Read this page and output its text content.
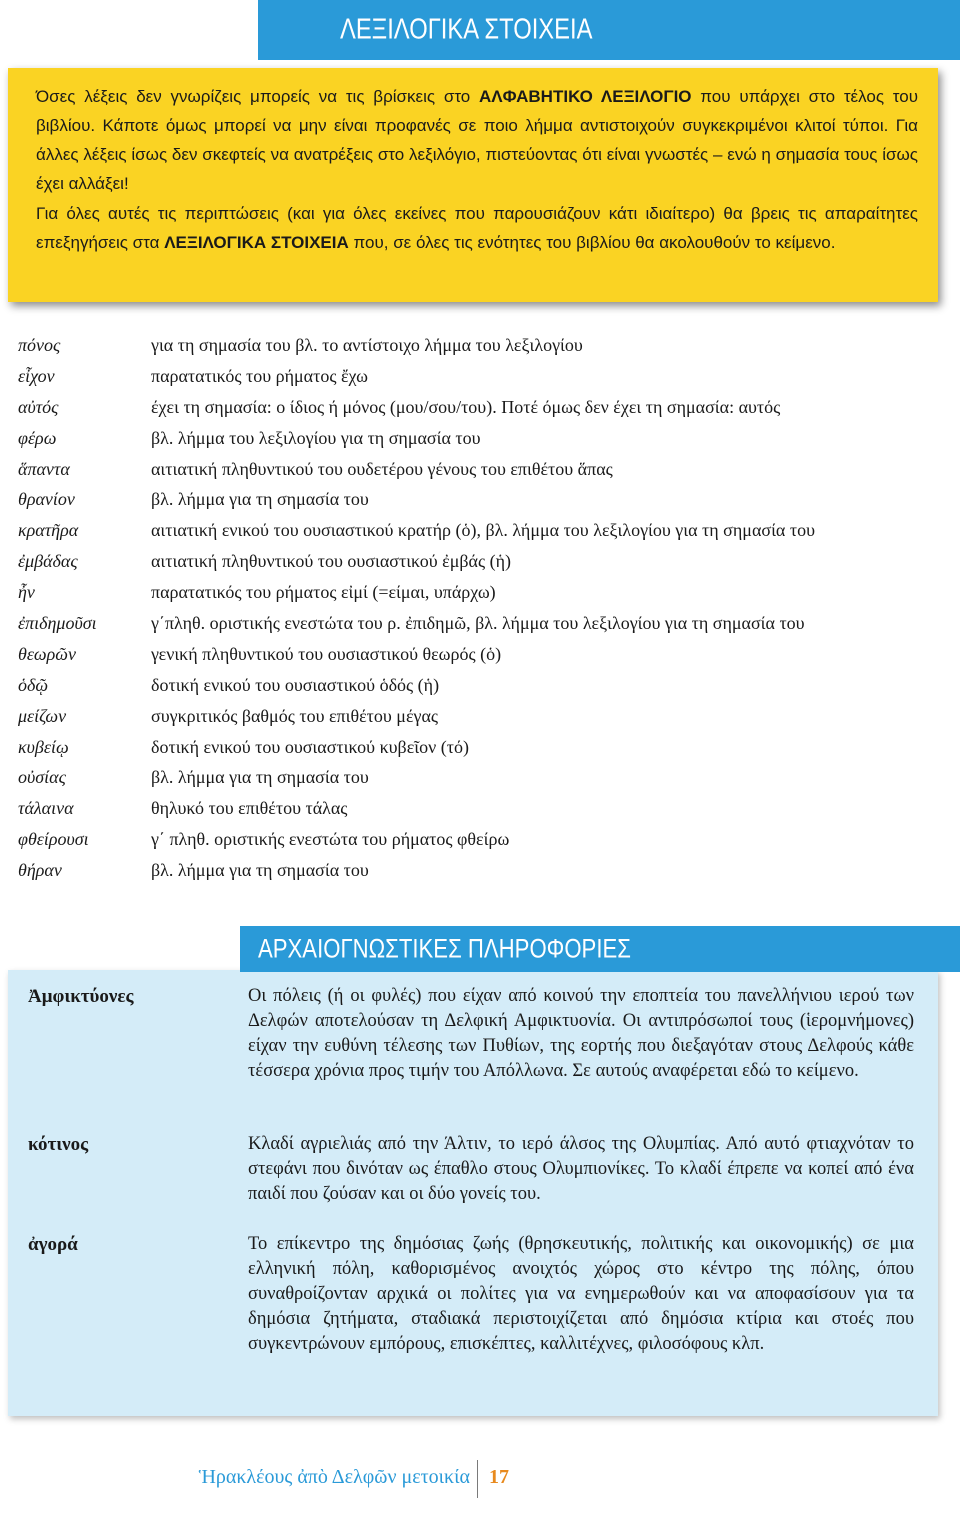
ΛΕΞΙΛΟΓΙΚΑ ΣΤΟΙΧΕΙΑ

Όσες λέξεις δεν γνωρίζεις μπορείς να τις βρίσκεις στο ΑΛΦΑΒΗΤΙΚΟ ΛΕΞΙΛΟΓΙΟ που υπάρχει στο τέλος του βιβλίου. Κάποτε όμως μπορεί να μην είναι προφανές σε ποιο λήμμα αντιστοιχούν συγκεκριμένοι κλιτοί τύποι. Για άλλες λέξεις ίσως δεν σκεφτείς να ανατρέξεις στο λεξιλόγιο, πιστεύοντας ότι είναι γνωστές – ενώ η σημασία τους ίσως έχει αλλάξει!

Για όλες αυτές τις περιπτώσεις (και για όλες εκείνες που παρουσιάζουν κάτι ιδιαίτερο) θα βρεις τις απαραίτητες επεξηγήσεις στα ΛΕΞΙΛΟΓΙΚΑ ΣΤΟΙΧΕΙΑ που, σε όλες τις ενότητες του βιβλίου θα ακολουθούν το κείμενο.

πόνος	για τη σημασία του βλ. το αντίστοιχο λήμμα του λεξιλογίου
εἶχον	παρατατικός του ρήματος ἔχω
αὐτός	έχει τη σημασία: ο ίδιος ή μόνος (μου/σου/του). Ποτέ όμως δεν έχει τη σημασία: αυτός
φέρω	βλ. λήμμα του λεξιλογίου για τη σημασία του
ἅπαντα	αιτιατική πληθυντικού του ουδετέρου γένους του επιθέτου ἅπας
θρανίον	βλ. λήμμα για τη σημασία του
κρατῆρα	αιτιατική ενικού του ουσιαστικού κρατήρ (ὁ), βλ. λήμμα του λεξιλογίου για τη σημασία του
ἐμβάδας	αιτιατική πληθυντικού του ουσιαστικού ἐμβάς (ἡ)
ἦν	παρατατικός του ρήματος εἰμί (=είμαι, υπάρχω)
ἐπιδημοῦσι	γ΄πληθ. οριστικής ενεστώτα του ρ. ἐπιδημῶ, βλ. λήμμα του λεξιλογίου για τη σημασία του
θεωρῶν	γενική πληθυντικού του ουσιαστικού θεωρός (ὁ)
ὁδῷ	δοτική ενικού του ουσιαστικού ὁδός (ἡ)
μείζων	συγκριτικός βαθμός του επιθέτου μέγας
κυβείῳ	δοτική ενικού του ουσιαστικού κυβεῖον (τό)
οὐσίας	βλ. λήμμα για τη σημασία του
τάλαινα	θηλυκό του επιθέτου τάλας
φθείρουσι	γ΄ πληθ. οριστικής ενεστώτα του ρήματος φθείρω
θήραν	βλ. λήμμα για τη σημασία του
Ἀμφικτύονες	Οι πόλεις (ή οι φυλές) που είχαν από κοινού την εποπτεία του πανελλήνιου ιερού των Δελφών αποτελούσαν τη Δελφική Αμφικτυονία. Οι αντιπρόσωποί τους (ἱερομνήμονες) είχαν την ευθύνη τέλεσης των Πυθίων, της εορτής που διεξαγόταν στους Δελφούς κάθε τέσσερα χρόνια προς τιμήν του Απόλλωνα. Σε αυτούς αναφέρεται εδώ το κείμενο.

κότινος	Κλαδί αγριελιάς από την Άλτιν, το ιερό άλσος της Ολυμπίας. Από αυτό φτιαχνόταν το στεφάνι που δινόταν ως έπαθλο στους Ολυμπιονίκες. Το κλαδί έπρεπε να κοπεί από ένα παιδί που ζούσαν και οι δύο γονείς του.

ἀγορά	Το επίκεντρο της δημόσιας ζωής (θρησκευτικής, πολιτικής και οικονομικής) σε μια ελληνική πόλη, καθορισμένος ανοιχτός χώρος στο κέντρο της πόλης, όπου συναθροίζονταν αρχικά οι πολίτες για να ενημερωθούν και να αποφασίσουν για τα δημόσια ζητήματα, σταδιακά περιστοιχίζεται από δημόσια κτίρια και στοές που συγκεντρώνουν εμπόρους, επισκέπτες, καλλιτέχνες, φιλοσόφους κλπ.

ΑΡΧΑΙΟΓΝΩΣΤΙΚΕΣ ΠΛΗΡΟΦΟΡΙΕΣ
Ἡρακλέους ἀπὸ Δελφῶν μετοικία 17
